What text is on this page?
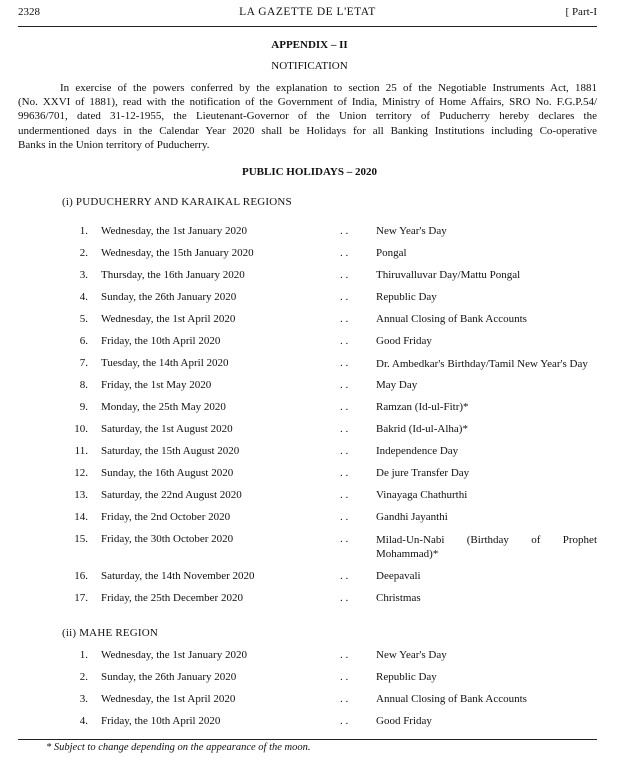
2328	LA GAZETTE DE L'ETAT	[ Part-I
APPENDIX – II
NOTIFICATION

In exercise of the powers conferred by the explanation to section 25 of the Negotiable Instruments Act, 1881
(No. XXVI of 1881), read with the notification of the Government of India, Ministry of Home Affairs, SRO No. F.G.P.54/
99636/701, dated 31-12-1955, the Lieutenant-Governor of the Union territory of Puducherry hereby declares the
undermentioned days in the Calendar Year 2020 shall be Holidays for all Banking Institutions including Co-operative
Banks in the Union territory of Puducherry.

PUBLIC HOLIDAYS – 2020
(i) PUDUCHERRY AND KARAIKAL REGIONS
1. Wednesday, the 1st January 2020	. .	New Year's Day
2. Wednesday, the 15th January 2020	. .	Pongal
3. Thursday, the 16th January 2020	. .	Thiruvalluvar Day/Mattu Pongal
4. Sunday, the 26th January 2020	. .	Republic Day
5. Wednesday, the 1st April 2020	. .	Annual Closing of Bank Accounts
6. Friday, the 10th April 2020	. .	Good Friday
7. Tuesday, the 14th April 2020	. .	Dr. Ambedkar's Birthday/Tamil New Year's Day
8. Friday, the 1st May 2020	. .	May Day
9. Monday, the 25th May 2020	. .	Ramzan (Id-ul-Fitr)*
10. Saturday, the 1st August 2020	. .	Bakrid (Id-ul-Alha)*
11. Saturday, the 15th August 2020	. .	Independence Day
12. Sunday, the 16th August 2020	. .	De jure Transfer Day
13. Saturday, the 22nd August 2020	. .	Vinayaga Chathurthi
14. Friday, the 2nd October 2020	. .	Gandhi Jayanthi
15. Friday, the 30th October 2020	. .	Milad-Un-Nabi (Birthday of Prophet Mohammad)*
16. Saturday, the 14th November 2020	. .	Deepavali
17. Friday, the 25th December 2020	. .	Christmas
(ii) MAHE REGION
1. Wednesday, the 1st January 2020	. .	New Year's Day
2. Sunday, the 26th January 2020	. .	Republic Day
3. Wednesday, the 1st April 2020	. .	Annual Closing of Bank Accounts
4. Friday, the 10th April 2020	. .	Good Friday
* Subject to change depending on the appearance of the moon.
